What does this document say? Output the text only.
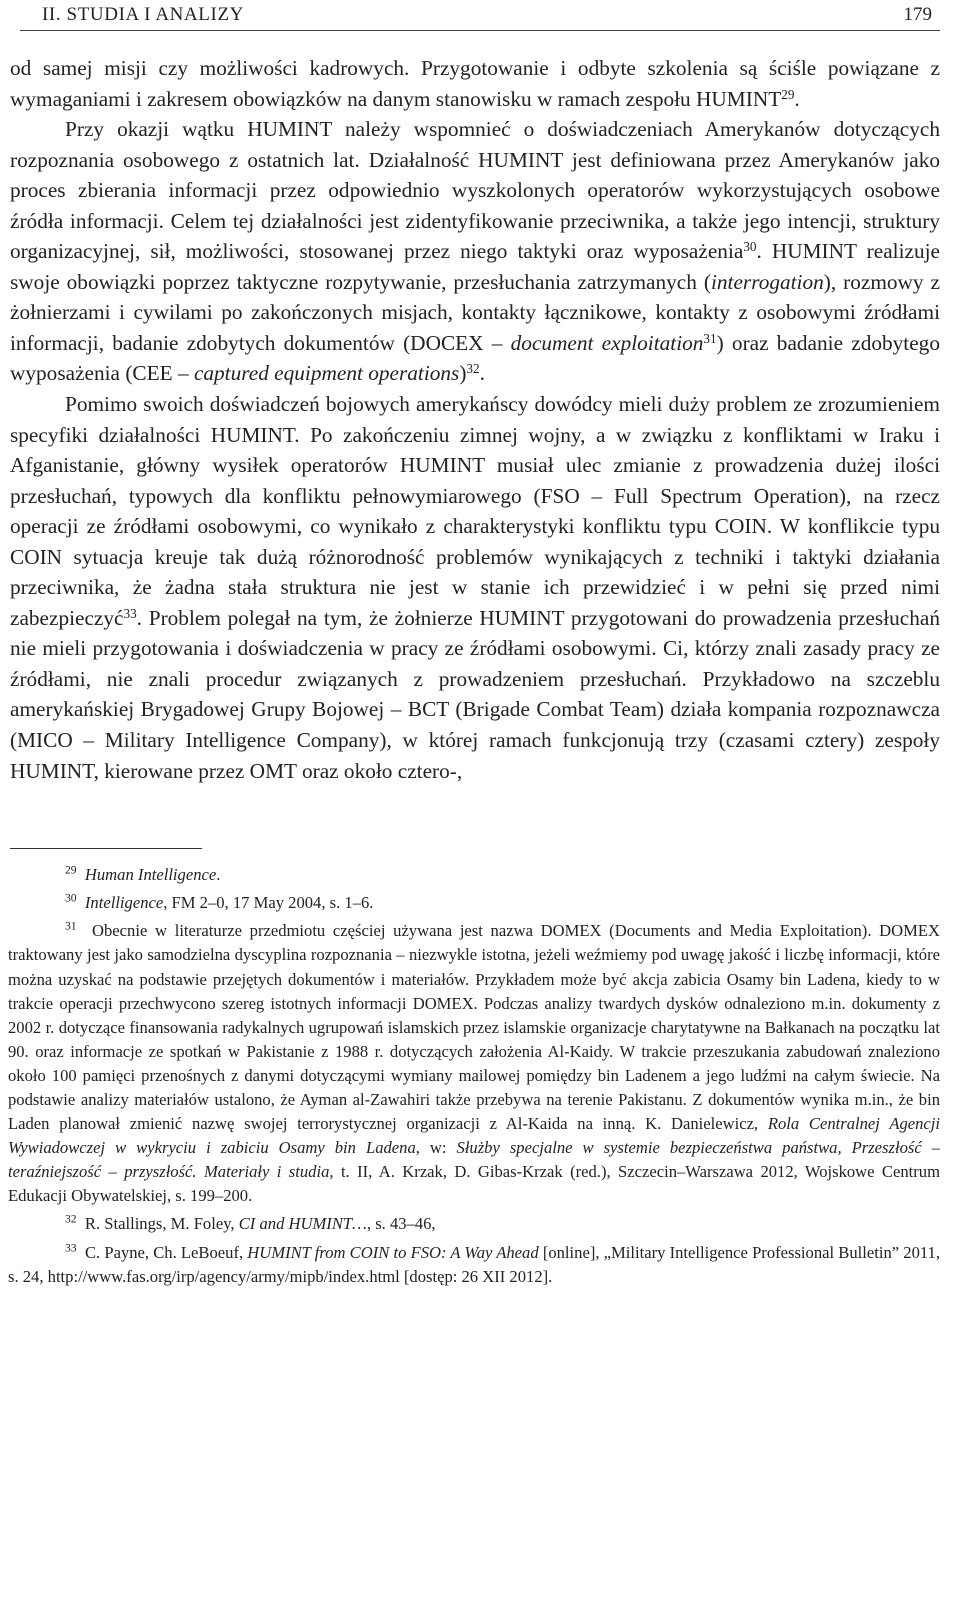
II. STUDIA I ANALIZY	179

od samej misji czy możliwości kadrowych. Przygotowanie i odbyte szkolenia są ściśle powiązane z wymaganiami i zakresem obowiązków na danym stanowisku w ramach zespołu HUMINT$^{29}$.

Przy okazji wątku HUMINT należy wspomnieć o doświadczeniach Amerykanów dotyczących rozpoznania osobowego z ostatnich lat. Działalność HUMINT jest definiowana przez Amerykanów jako proces zbierania informacji przez odpowiednio wyszkolonych operatorów wykorzystujących osobowe źródła informacji. Celem tej działalności jest zidentyfikowanie przeciwnika, a także jego intencji, struktury organizacyjnej, sił, możliwości, stosowanej przez niego taktyki oraz wyposażenia$^{30}$. HUMINT realizuje swoje obowiązki poprzez taktyczne rozpytywanie, przesłuchania zatrzymanych (interrogation), rozmowy z żołnierzami i cywilami po zakończonych misjach, kontakty łącznikowe, kontakty z osobowymi źródłami informacji, badanie zdobytych dokumentów (DOCEX – document exploitation$^{31}$) oraz badanie zdobytego wyposażenia (CEE – captured equipment operations)$^{32}$.

Pomimo swoich doświadczeń bojowych amerykańscy dowódcy mieli duży problem ze zrozumieniem specyfiki działalności HUMINT. Po zakończeniu zimnej wojny, a w związku z konfliktami w Iraku i Afganistanie, główny wysiłek operatorów HUMINT musiał ulec zmianie z prowadzenia dużej ilości przesłuchań, typowych dla konfliktu pełnowymiarowego (FSO – Full Spectrum Operation), na rzecz operacji ze źródłami osobowymi, co wynikało z charakterystyki konfliktu typu COIN. W konflikcie typu COIN sytuacja kreuje tak dużą różnorodność problemów wynikających z techniki i taktyki działania przeciwnika, że żadna stała struktura nie jest w stanie ich przewidzieć i w pełni się przed nimi zabezpieczyć$^{33}$. Problem polegał na tym, że żołnierze HUMINT przygotowani do prowadzenia przesłuchań nie mieli przygotowania i doświadczenia w pracy ze źródłami osobowymi. Ci, którzy znali zasady pracy ze źródłami, nie znali procedur związanych z prowadzeniem przesłuchań. Przykładowo na szczeblu amerykańskiej Brygadowej Grupy Bojowej – BCT (Brigade Combat Team) działa kompania rozpoznawcza (MICO – Military Intelligence Company), w której ramach funkcjonują trzy (czasami cztery) zespoły HUMINT, kierowane przez OMT oraz około cztero-,

$^{29}$ Human Intelligence.

$^{30}$ Intelligence, FM 2–0, 17 May 2004, s. 1–6.

$^{31}$ Obecnie w literaturze przedmiotu częściej używana jest nazwa DOMEX (Documents and Media Exploitation). DOMEX traktowany jest jako samodzielna dyscyplina rozpoznania – niezwykle istotna, jeżeli weźmiemy pod uwagę jakość i liczbę informacji, które można uzyskać na podstawie przejętych dokumentów i materiałów. Przykładem może być akcja zabicia Osamy bin Ladena, kiedy to w trakcie operacji przechwycono szereg istotnych informacji DOMEX. Podczas analizy twardych dysków odnaleziono m.in. dokumenty z 2002 r. dotyczące finansowania radykalnych ugrupowań islamskich przez islamskie organizacje charytatywne na Bałkanach na początku lat 90. oraz informacje ze spotkań w Pakistanie z 1988 r. dotyczących założenia Al-Kaidy. W trakcie przeszukania zabudowań znaleziono około 100 pamięci przenośnych z danymi dotyczącymi wymiany mailowej pomiędzy bin Ladenem a jego ludźmi na całym świecie. Na podstawie analizy materiałów ustalono, że Ayman al-Zawahiri także przebywa na terenie Pakistanu. Z dokumentów wynika m.in., że bin Laden planował zmienić nazwę swojej terrorystycznej organizacji z Al-Kaida na inną. K. Danielewicz, Rola Centralnej Agencji Wywiadowczej w wykryciu i zabiciu Osamy bin Ladena, w: Służby specjalne w systemie bezpieczeństwa państwa, Przeszłość – teraźniejszość – przyszłość. Materiały i studia, t. II, A. Krzak, D. Gibas-Krzak (red.), Szczecin–Warszawa 2012, Wojskowe Centrum Edukacji Obywatelskiej, s. 199–200.

$^{32}$ R. Stallings, M. Foley, CI and HUMINT…, s. 43–46,

$^{33}$ C. Payne, Ch. LeBoeuf, HUMINT from COIN to FSO: A Way Ahead [online], „Military Intelligence Professional Bulletin” 2011, s. 24, http://www.fas.org/irp/agency/army/mipb/index.html [dostęp: 26 XII 2012].
